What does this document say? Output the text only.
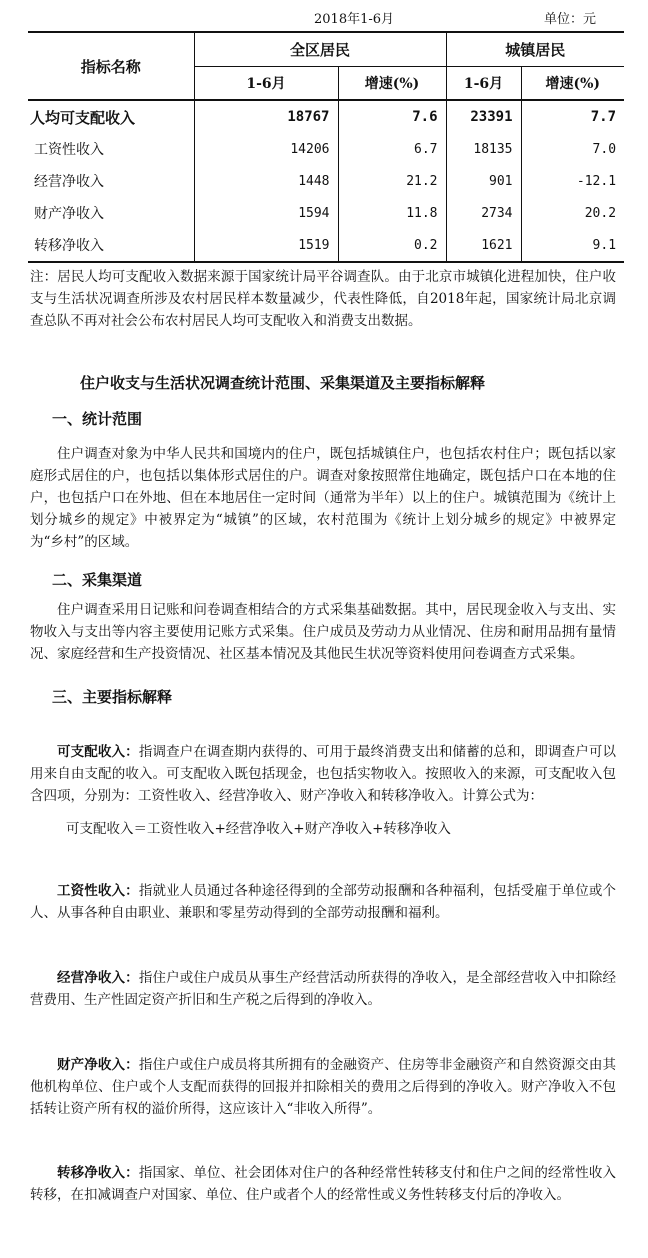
2018年1-6月	单位：元
指标名称	全区居民		城镇居民	
	1-6月	增速(%)	1-6月	增速(%)
人均可支配收入	18767	7.6	23391	7.7
工资性收入	14206	6.7	18135	7.0
经营净收入	1448	21.2	901	-12.1
财产净收入	1594	11.8	2734	20.2
转移净收入	1519	0.2	1621	9.1
注：居民人均可支配收入数据来源于国家统计局平谷调查队。由于北京市城镇化进程加快，住户收支与生活状况调查所涉及农村居民样本数量减少，代表性降低，自2018年起，国家统计局北京调查总队不再对社会公布农村居民人均可支配收入和消费支出数据。
住户收支与生活状况调查统计范围、采集渠道及主要指标解释
一、统计范围
住户调查对象为中华人民共和国境内的住户，既包括城镇住户，也包括农村住户；既包括以家庭形式居住的户，也包括以集体形式居住的户。调查对象按照常住地确定，既包括户口在本地的住户，也包括户口在外地、但在本地居住一定时间（通常为半年）以上的住户。城镇范围为《统计上划分城乡的规定》中被界定为“城镇”的区域，农村范围为《统计上划分城乡的规定》中被界定为“乡村”的区域。
二、采集渠道
住户调查采用日记账和问卷调查相结合的方式采集基础数据。其中，居民现金收入与支出、实物收入与支出等内容主要使用记账方式采集。住户成员及劳动力从业情况、住房和耐用品拥有量情况、家庭经营和生产投资情况、社区基本情况及其他民生状况等资料使用问卷调查方式采集。
三、主要指标解释
可支配收入：指调查户在调查期内获得的、可用于最终消费支出和储蓄的总和，即调查户可以用来自由支配的收入。可支配收入既包括现金，也包括实物收入。按照收入的来源，可支配收入包含四项，分别为：工资性收入、经营净收入、财产净收入和转移净收入。计算公式为：
可支配收入＝工资性收入+经营净收入+财产净收入+转移净收入
工资性收入：指就业人员通过各种途径得到的全部劳动报酬和各种福利，包括受雇于单位或个人、从事各种自由职业、兼职和零星劳动得到的全部劳动报酬和福利。
经营净收入：指住户或住户成员从事生产经营活动所获得的净收入，是全部经营收入中扣除经营费用、生产性固定资产折旧和生产税之后得到的净收入。
财产净收入：指住户或住户成员将其所拥有的金融资产、住房等非金融资产和自然资源交由其他机构单位、住户或个人支配而获得的回报并扣除相关的费用之后得到的净收入。财产净收入不包括转让资产所有权的溢价所得，这应该计入“非收入所得”。
转移净收入：指国家、单位、社会团体对住户的各种经常性转移支付和住户之间的经常性收入转移，在扣减调查户对国家、单位、住户或者个人的经常性或义务性转移支付后的净收入。
